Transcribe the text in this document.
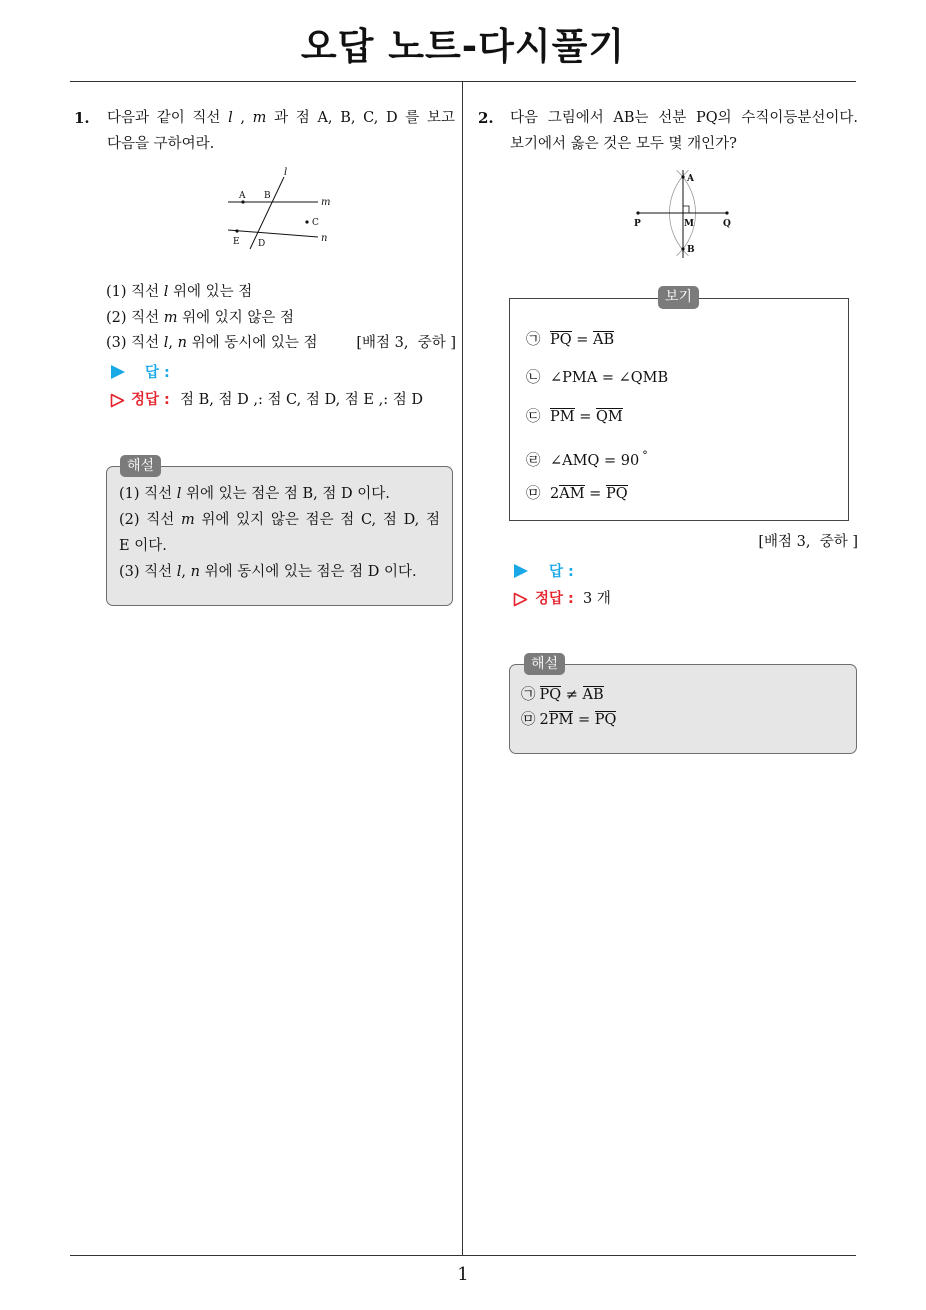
오답 노트-다시풀기
1
1. 다음과 같이 직선 l , m 과 점 A, B, C, D 를 보고
다음을 구하여라.
l
m
n
A B
C
E D
(1) 직선 l 위에 있는 점
(2) 직선 m 위에 있지 않은 점
(3) 직선 l, n 위에 동시에 있는 점	[배점 3,  중하 ]
답 :
정답 : 점 B, 점 D ,: 점 C, 점 D, 점 E ,: 점 D
해설
(1) 직선 l 위에 있는 점은 점 B, 점 D 이다.
(2) 직선 m 위에 있지 않은 점은 점 C, 점 D, 점
E 이다.
(3) 직선 l, n 위에 동시에 있는 점은 점 D 이다.
2. 다음 그림에서 AB는 선분 PQ의 수직이등분선이다.
보기에서 옳은 것은 모두 몇 개인가?
A
B
M
P	Q
보기
㉠ PQ = AB
㉡ ∠PMA = ∠QMB
㉢ PM = QM
㉣ ∠AMQ = 90 °
㉤ 2AM = PQ
[배점 3,  중하 ]
답 :
정답 : 3 개
해설
㉠ PQ ≠ AB
㉤ 2PM = PQ
